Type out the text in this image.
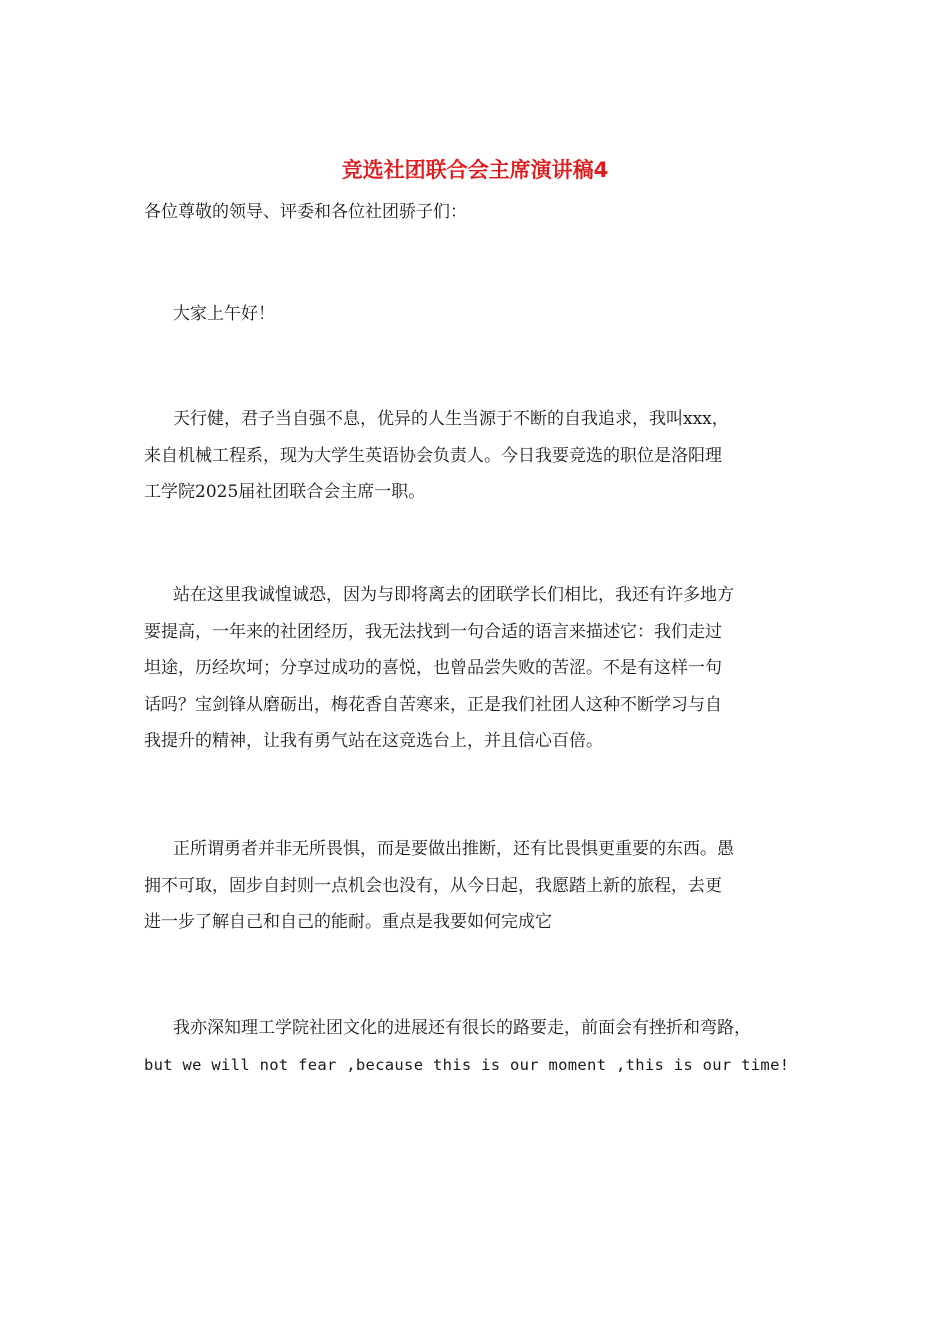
竞选社团联合会主席演讲稿4

各位尊敬的领导、评委和各位社团骄子们：

大家上午好！

天行健，君子当自强不息，优异的人生当源于不断的自我追求，我叫xxx，
来自机械工程系，现为大学生英语协会负责人。今日我要竞选的职位是洛阳理
工学院2025届社团联合会主席一职。

站在这里我诚惶诚恐，因为与即将离去的团联学长们相比，我还有许多地方
要提高，一年来的社团经历，我无法找到一句合适的语言来描述它：我们走过
坦途，历经坎坷；分享过成功的喜悦，也曾品尝失败的苦涩。不是有这样一句
话吗？宝剑锋从磨砺出，梅花香自苦寒来，正是我们社团人这种不断学习与自
我提升的精神，让我有勇气站在这竞选台上，并且信心百倍。

正所谓勇者并非无所畏惧，而是要做出推断，还有比畏惧更重要的东西。愚
拥不可取，固步自封则一点机会也没有，从今日起，我愿踏上新的旅程，去更
进一步了解自己和自己的能耐。重点是我要如何完成它

我亦深知理工学院社团文化的进展还有很长的路要走，前面会有挫折和弯路，
but we will not fear ,because this is our moment ,this is our time!
